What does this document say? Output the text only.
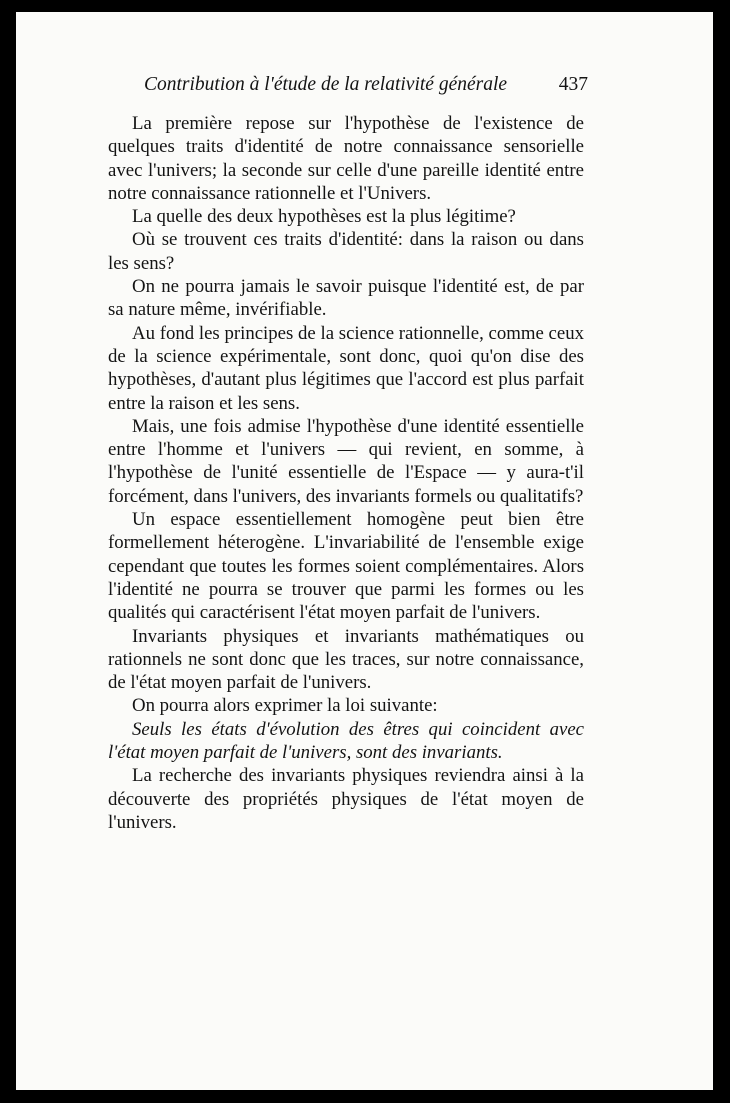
Contribution à l'étude de la relativité générale	437

La première repose sur l'hypothèse de l'existence de quelques traits d'identité de notre connaissance sensorielle avec l'univers; la seconde sur celle d'une pareille identité entre notre connaissance rationnelle et l'Univers.

La quelle des deux hypothèses est la plus légitime?

Où se trouvent ces traits d'identité: dans la raison ou dans les sens?

On ne pourra jamais le savoir puisque l'identité est, de par sa nature même, invérifiable.

Au fond les principes de la science rationnelle, comme ceux de la science expérimentale, sont donc, quoi qu'on dise des hypothèses, d'autant plus légitimes que l'accord est plus parfait entre la raison et les sens.

Mais, une fois admise l'hypothèse d'une identité essentielle entre l'homme et l'univers — qui revient, en somme, à l'hypothèse de l'unité essentielle de l'Espace — y aura-t'il forcément, dans l'univers, des invariants formels ou qualitatifs?

Un espace essentiellement homogène peut bien être formellement héterogène. L'invariabilité de l'ensemble exige cependant que toutes les formes soient complémentaires. Alors l'identité ne pourra se trouver que parmi les formes ou les qualités qui caractérisent l'état moyen parfait de l'univers.

Invariants physiques et invariants mathématiques ou rationnels ne sont donc que les traces, sur notre connaissance, de l'état moyen parfait de l'univers.

On pourra alors exprimer la loi suivante:

Seuls les états d'évolution des êtres qui coincident avec l'état moyen parfait de l'univers, sont des invariants.

La recherche des invariants physiques reviendra ainsi à la découverte des propriétés physiques de l'état moyen de l'univers.
